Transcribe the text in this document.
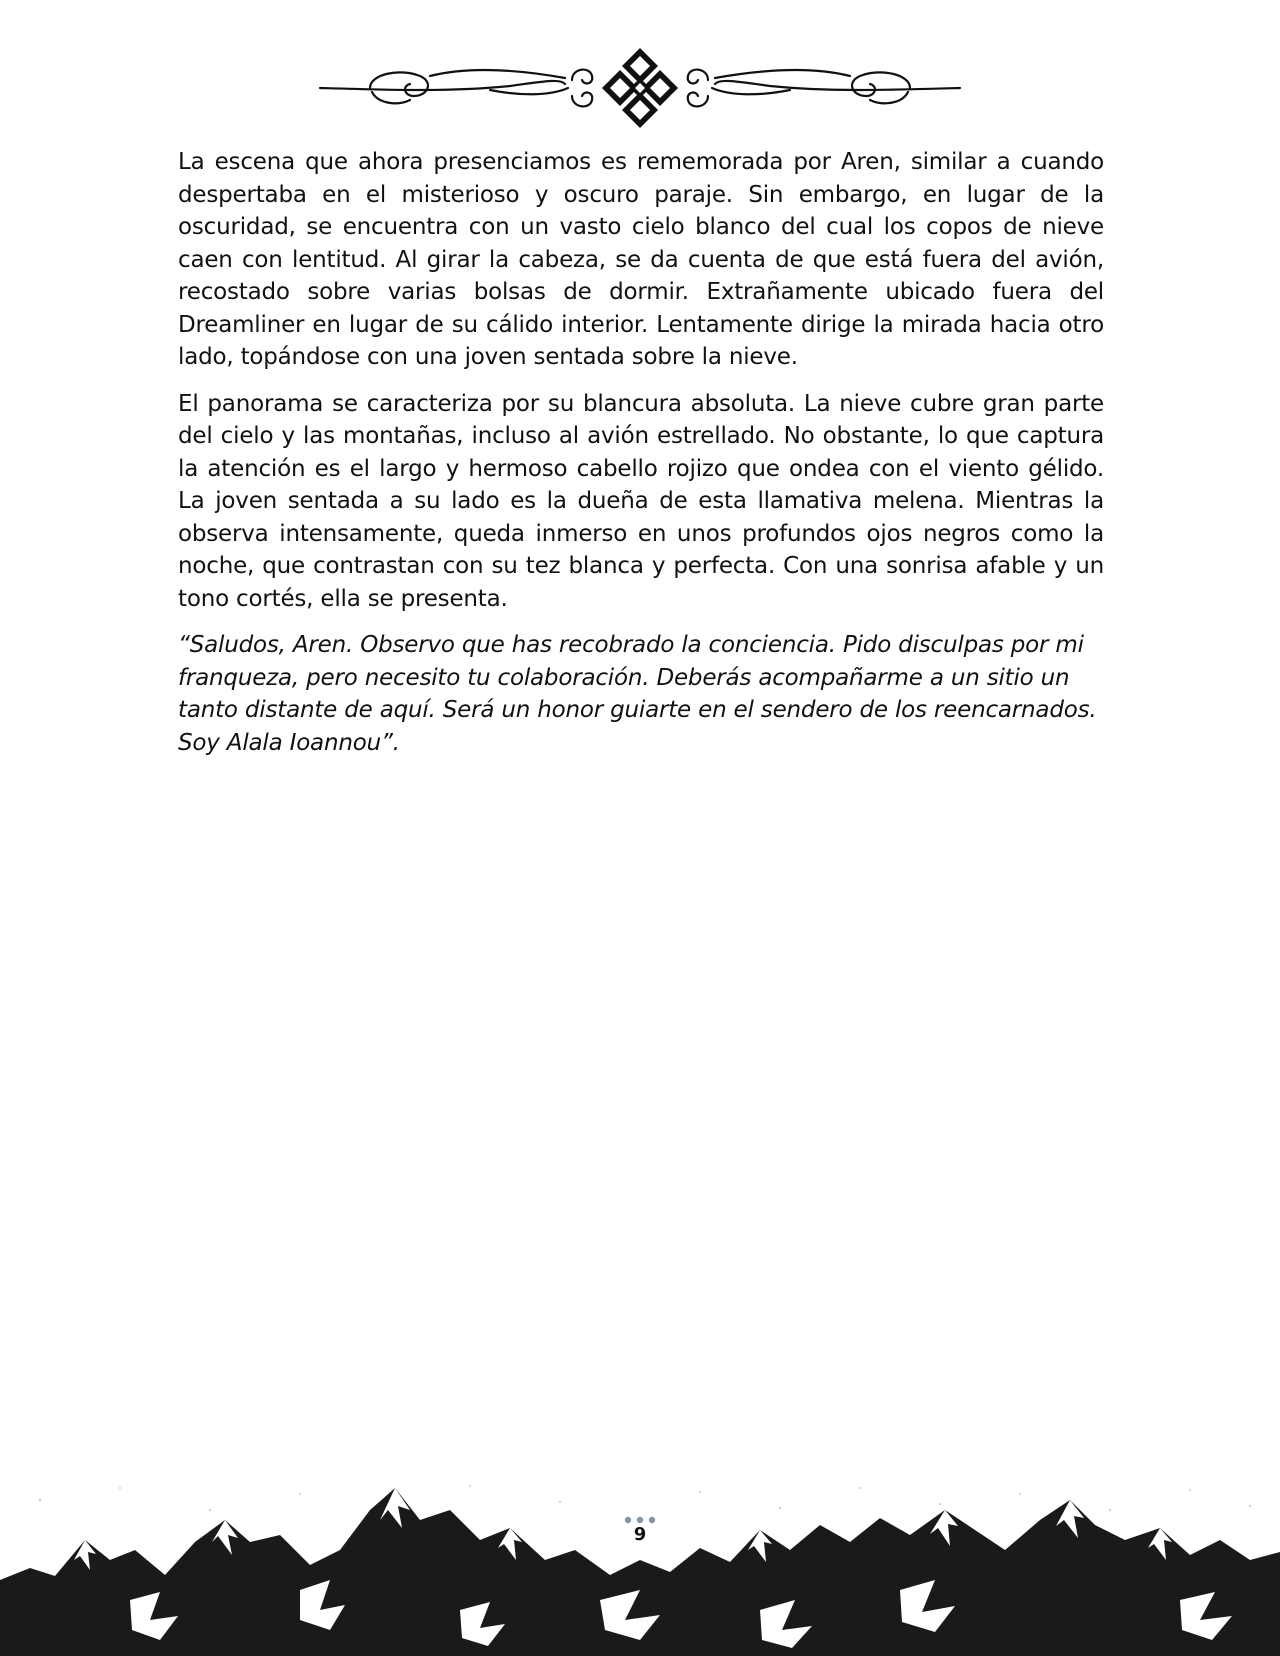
La escena que ahora presenciamos es rememorada por Aren, similar a cuando despertaba en el misterioso y oscuro paraje. Sin embargo, en lugar de la oscuridad, se encuentra con un vasto cielo blanco del cual los copos de nieve caen con lentitud. Al girar la cabeza, se da cuenta de que está fuera del avión, recostado sobre varias bolsas de dormir. Extrañamente ubicado fuera del Dreamliner en lugar de su cálido interior. Lentamente dirige la mirada hacia otro lado, topándose con una joven sentada sobre la nieve.

El panorama se caracteriza por su blancura absoluta. La nieve cubre gran parte del cielo y las montañas, incluso al avión estrellado. No obstante, lo que captura la atención es el largo y hermoso cabello rojizo que ondea con el viento gélido. La joven sentada a su lado es la dueña de esta llamativa melena. Mientras la observa intensamente, queda inmerso en unos profundos ojos negros como la noche, que contrastan con su tez blanca y perfecta. Con una sonrisa afable y un tono cortés, ella se presenta.

“Saludos, Aren. Observo que has recobrado la conciencia. Pido disculpas por mi franqueza, pero necesito tu colaboración. Deberás acompañarme a un sitio un tanto distante de aquí. Será un honor guiarte en el sendero de los reencarnados. Soy Alala Ioannou”.

9
